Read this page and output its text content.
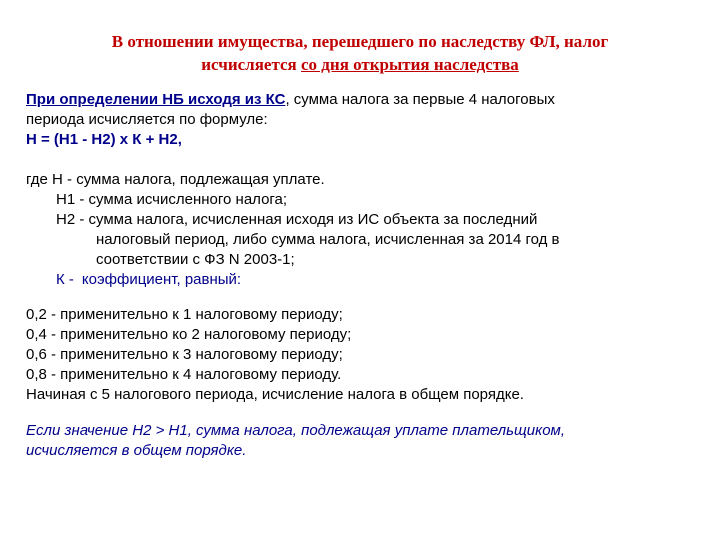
В отношении имущества, перешедшего по наследству ФЛ, налог
исчисляется со дня открытия наследства
При определении НБ исходя из КС, сумма налога за первые 4 налоговых
периода исчисляется по формуле:
Н = (Н1 - Н2) х К + Н2,
где Н - сумма налога, подлежащая уплате.
Н1 - сумма исчисленного налога;
Н2 - сумма налога, исчисленная исходя из ИС объекта за последний
налоговый период, либо сумма налога, исчисленная за 2014 год в
соответствии с ФЗ N 2003-1;
К - коэффициент, равный:
0,2 - применительно к 1 налоговому периоду;
0,4 - применительно ко 2 налоговому периоду;
0,6 - применительно к 3 налоговому периоду;
0,8 - применительно к 4 налоговому периоду.
Начиная с 5 налогового периода, исчисление налога в общем порядке.
Если значение Н2 > Н1, сумма налога, подлежащая уплате плательщиком,
исчисляется в общем порядке.
